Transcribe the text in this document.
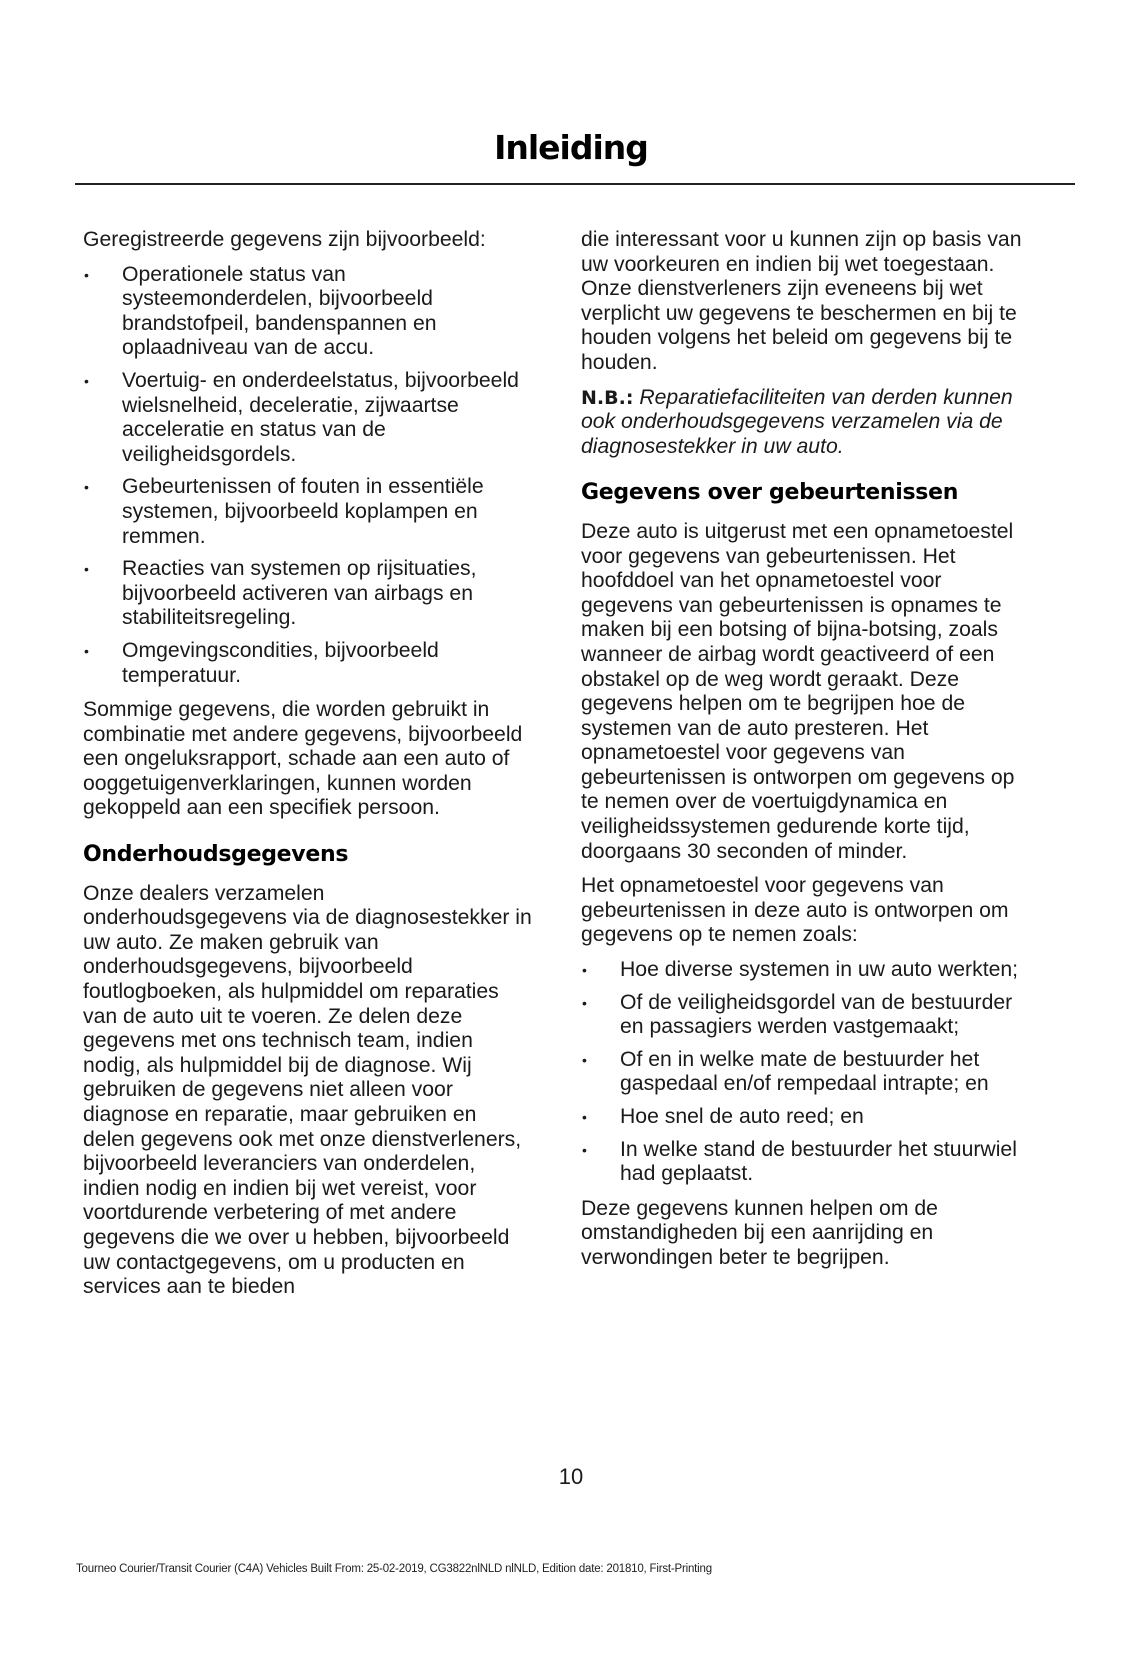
Inleiding

Geregistreerde gegevens zijn bijvoorbeeld:

• Operationele status van systeemonderdelen, bijvoorbeeld brandstofpeil, bandenspannen en oplaadniveau van de accu.
• Voertuig- en onderdeelstatus, bijvoorbeeld wielsnelheid, deceleratie, zijwaartse acceleratie en status van de veiligheidsgordels.
• Gebeurtenissen of fouten in essentiële systemen, bijvoorbeeld koplampen en remmen.
• Reacties van systemen op rijsituaties, bijvoorbeeld activeren van airbags en stabiliteitsregeling.
• Omgevingscondities, bijvoorbeeld temperatuur.

Sommige gegevens, die worden gebruikt in combinatie met andere gegevens, bijvoorbeeld een ongeluksrapport, schade aan een auto of ooggetuigenverklaringen, kunnen worden gekoppeld aan een specifiek persoon.

Onderhoudsgegevens

Onze dealers verzamelen onderhoudsgegevens via de diagnosestekker in uw auto. Ze maken gebruik van onderhoudsgegevens, bijvoorbeeld foutlogboeken, als hulpmiddel om reparaties van de auto uit te voeren. Ze delen deze gegevens met ons technisch team, indien nodig, als hulpmiddel bij de diagnose. Wij gebruiken de gegevens niet alleen voor diagnose en reparatie, maar gebruiken en delen gegevens ook met onze dienstverleners, bijvoorbeeld leveranciers van onderdelen, indien nodig en indien bij wet vereist, voor voortdurende verbetering of met andere gegevens die we over u hebben, bijvoorbeeld uw contactgegevens, om u producten en services aan te bieden

die interessant voor u kunnen zijn op basis van uw voorkeuren en indien bij wet toegestaan. Onze dienstverleners zijn eveneens bij wet verplicht uw gegevens te beschermen en bij te houden volgens het beleid om gegevens bij te houden.

N.B.: Reparatiefaciliteiten van derden kunnen ook onderhoudsgegevens verzamelen via de diagnosestekker in uw auto.

Gegevens over gebeurtenissen

Deze auto is uitgerust met een opnametoestel voor gegevens van gebeurtenissen. Het hoofddoel van het opnametoestel voor gegevens van gebeurtenissen is opnames te maken bij een botsing of bijna-botsing, zoals wanneer de airbag wordt geactiveerd of een obstakel op de weg wordt geraakt. Deze gegevens helpen om te begrijpen hoe de systemen van de auto presteren. Het opnametoestel voor gegevens van gebeurtenissen is ontworpen om gegevens op te nemen over de voertuigdynamica en veiligheidssystemen gedurende korte tijd, doorgaans 30 seconden of minder.

Het opnametoestel voor gegevens van gebeurtenissen in deze auto is ontworpen om gegevens op te nemen zoals:

• Hoe diverse systemen in uw auto werkten;
• Of de veiligheidsgordel van de bestuurder en passagiers werden vastgemaakt;
• Of en in welke mate de bestuurder het gaspedaal en/of rempedaal intrapte; en
• Hoe snel de auto reed; en
• In welke stand de bestuurder het stuurwiel had geplaatst.

Deze gegevens kunnen helpen om de omstandigheden bij een aanrijding en verwondingen beter te begrijpen.

10
Tourneo Courier/Transit Courier (C4A) Vehicles Built From: 25-02-2019, CG3822nlNLD nlNLD, Edition date: 201810, First-Printing
